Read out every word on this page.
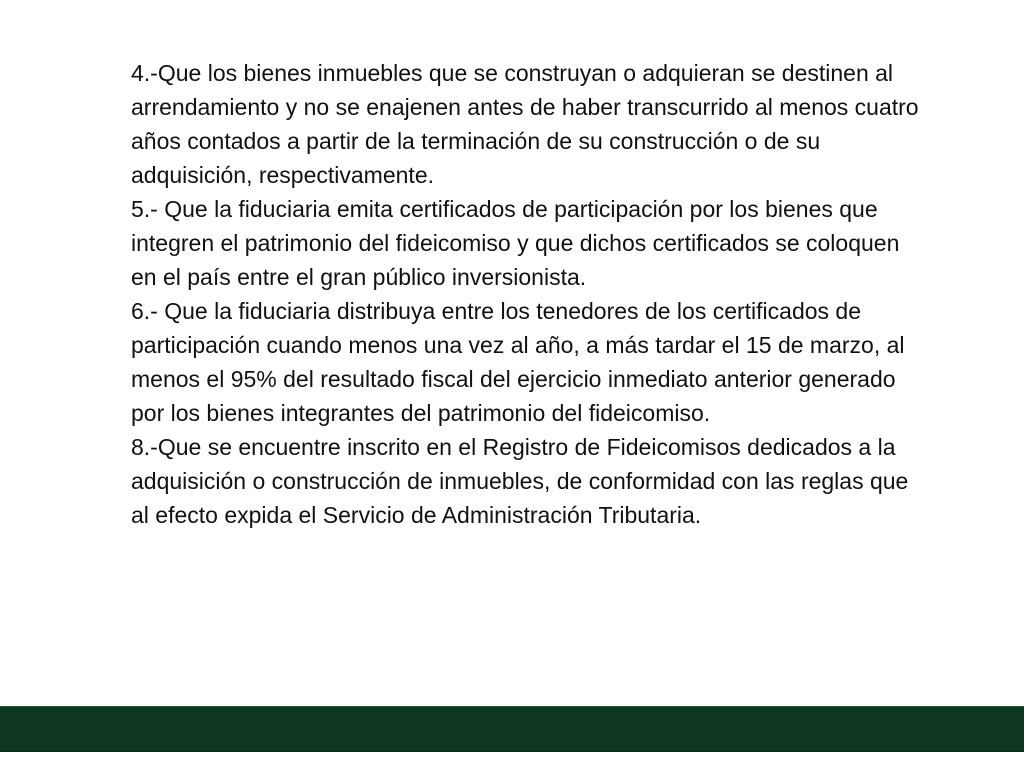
4.-Que los bienes inmuebles que se construyan o adquieran se destinen al arrendamiento y no se enajenen antes de haber transcurrido al menos cuatro años contados a partir de la terminación de su construcción o de su adquisición, respectivamente.

5.- Que la fiduciaria emita certificados de participación por los bienes que integren el patrimonio del fideicomiso y que dichos certificados se coloquen en el país entre el gran público inversionista.

6.- Que la fiduciaria distribuya entre los tenedores de los certificados de participación cuando menos una vez al año, a más tardar el 15 de marzo, al menos el 95% del resultado fiscal del ejercicio inmediato anterior generado por los bienes integrantes del patrimonio del fideicomiso.

8.-Que se encuentre inscrito en el Registro de Fideicomisos dedicados a la adquisición o construcción de inmuebles, de conformidad con las reglas que al efecto expida el Servicio de Administración Tributaria.
